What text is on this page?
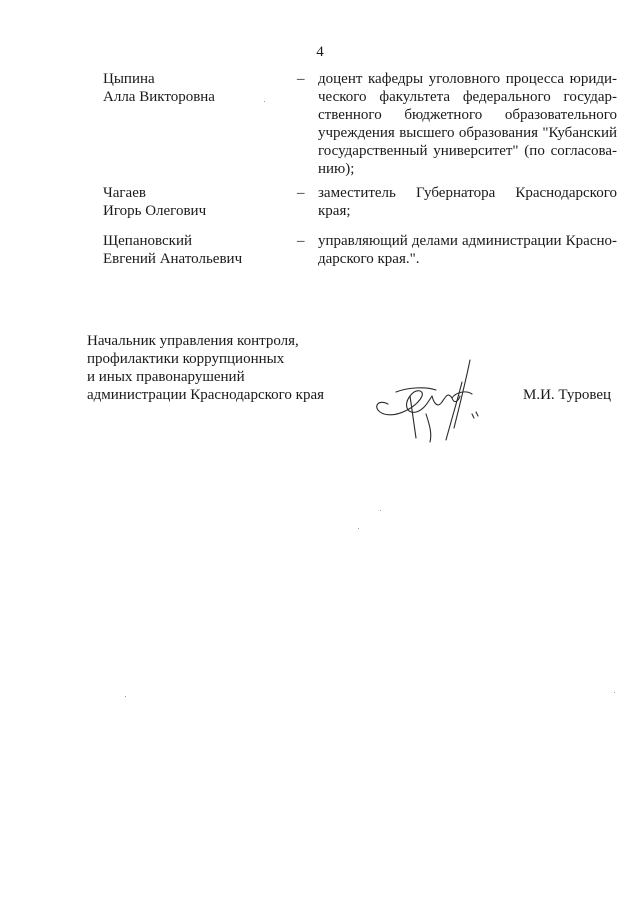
4
Цыпина
Алла Викторовна
– доцент кафедры уголовного процесса юриди-
ческого факультета федерального государ-
ственного бюджетного образовательного
учреждения высшего образования "Кубанский
государственный университет" (по согласова-
нию);
Чагаев
Игорь Олегович
– заместитель Губернатора Краснодарского
края;
Щепановский
Евгений Анатольевич
– управляющий делами администрации Красно-
дарского края.".
Начальник управления контроля,
профилактики коррупционных
и иных правонарушений
администрации Краснодарского края	М.И. Туровец
